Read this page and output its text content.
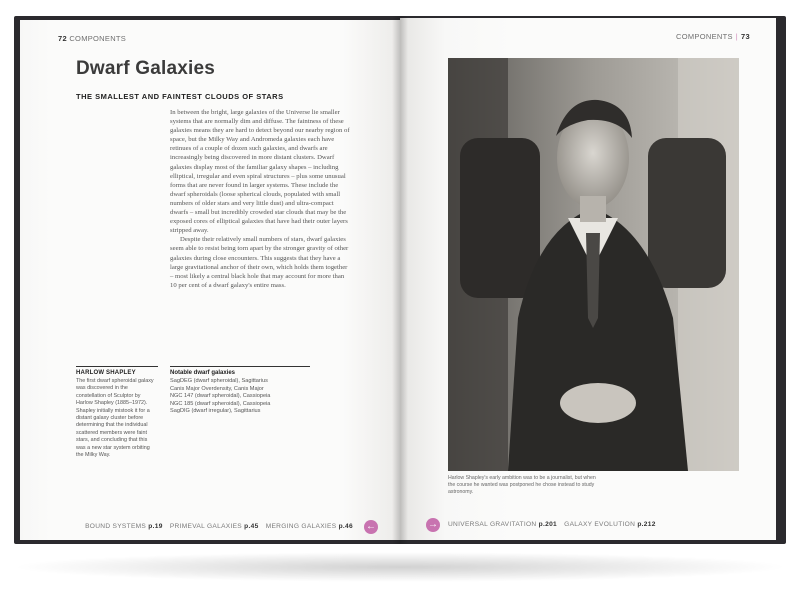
72 COMPONENTS
Dwarf Galaxies
THE SMALLEST AND FAINTEST CLOUDS OF STARS

In between the bright, large galaxies of the Universe lie smaller systems that are normally dim and diffuse. The faintness of these galaxies means they are hard to detect beyond our nearby region of space, but the Milky Way and Andromeda galaxies each have retinues of a couple of dozen such galaxies, and dwarfs are increasingly being discovered in more distant clusters. Dwarf galaxies display most of the familiar galaxy shapes – including elliptical, irregular and even spiral structures – plus some unusual forms that are never found in larger systems. These include the dwarf spheroidals (loose spherical clouds, populated with small numbers of older stars and very little dust) and ultra-compact dwarfs – small but incredibly crowded star clouds that may be the exposed cores of elliptical galaxies that have had their outer layers stripped away.

Despite their relatively small numbers of stars, dwarf galaxies seem able to resist being torn apart by the stronger gravity of other galaxies during close encounters. This suggests that they have a large gravitational anchor of their own, which holds them together – most likely a central black hole that may account for more than 10 per cent of a dwarf galaxy's entire mass.

HARLOW SHAPLEY
The first dwarf spheroidal galaxy was discovered in the constellation of Sculptor by Harlow Shapley (1885–1972). Shapley initially mistook it for a distant galaxy cluster before determining that the individual scattered members were faint stars, and concluding that this was a new star system orbiting the Milky Way.
Notable dwarf galaxies
SagDEG (dwarf spheroidal), Sagittarius
Canis Major Overdensity, Canis Major
NGC 147 (dwarf spheroidal), Cassiopeia
NGC 185 (dwarf spheroidal), Cassiopeia
SagDIG (dwarf irregular), Sagittarius
BOUND SYSTEMS p.19 PRIMEVAL GALAXIES p.45 MERGING GALAXIES p.46	←
COMPONENTS | 73
Harlow Shapley's early ambition was to be a journalist, but when the course he wanted was postponed he chose instead to study astronomy.
→	UNIVERSAL GRAVITATION p.201 GALAXY EVOLUTION p.212
